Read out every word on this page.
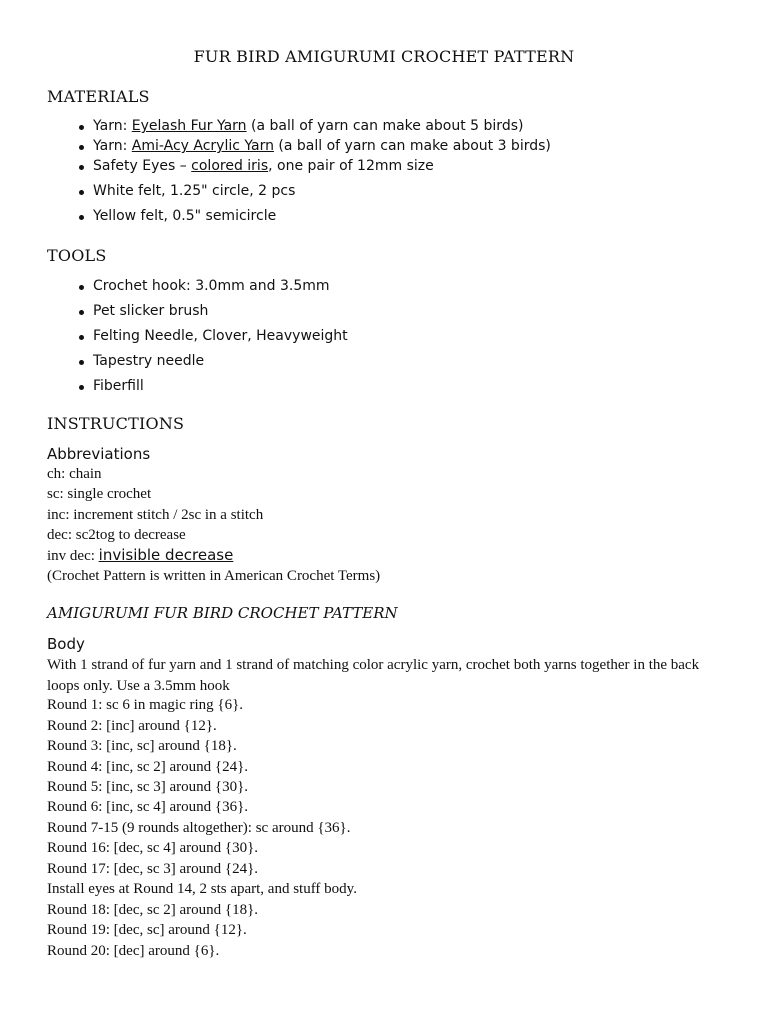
FUR BIRD AMIGURUMI CROCHET PATTERN
MATERIALS
Yarn: Eyelash Fur Yarn (a ball of yarn can make about 5 birds)
Yarn: Ami-Acy Acrylic Yarn (a ball of yarn can make about 3 birds)
Safety Eyes – colored iris, one pair of 12mm size
White felt, 1.25" circle, 2 pcs
Yellow felt, 0.5" semicircle
TOOLS
Crochet hook: 3.0mm and 3.5mm
Pet slicker brush
Felting Needle, Clover, Heavyweight
Tapestry needle
Fiberfill
INSTRUCTIONS
Abbreviations
ch: chain
sc: single crochet
inc: increment stitch / 2sc in a stitch
dec: sc2tog to decrease
inv dec: invisible decrease
(Crochet Pattern is written in American Crochet Terms)
AMIGURUMI FUR BIRD CROCHET PATTERN
Body
With 1 strand of fur yarn and 1 strand of matching color acrylic yarn, crochet both yarns together in the back loops only. Use a 3.5mm hook
Round 1: sc 6 in magic ring {6}.
Round 2: [inc] around {12}.
Round 3: [inc, sc] around {18}.
Round 4: [inc, sc 2] around {24}.
Round 5: [inc, sc 3] around {30}.
Round 6: [inc, sc 4] around {36}.
Round 7-15 (9 rounds altogether): sc around {36}.
Round 16: [dec, sc 4] around {30}.
Round 17: [dec, sc 3] around {24}.
Install eyes at Round 14, 2 sts apart, and stuff body.
Round 18: [dec, sc 2] around {18}.
Round 19: [dec, sc] around {12}.
Round 20: [dec] around {6}.
